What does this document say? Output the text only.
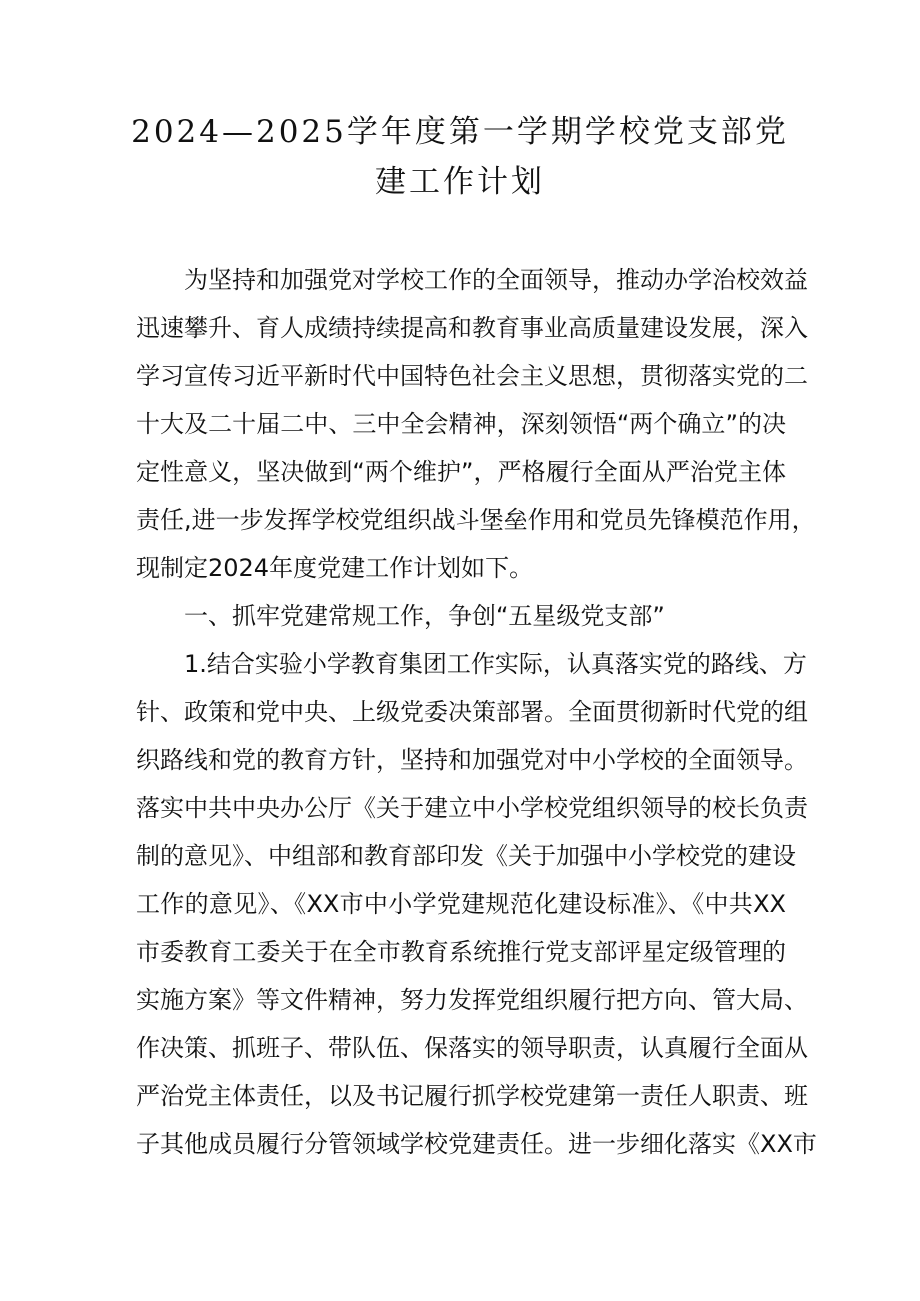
2024—2025学年度第一学期学校党支部党
建工作计划
为坚持和加强党对学校工作的全面领导，推动办学治校效益
迅速攀升、育人成绩持续提高和教育事业高质量建设发展，深入
学习宣传习近平新时代中国特色社会主义思想，贯彻落实党的二
十大及二十届二中、三中全会精神，深刻领悟“两个确立”的决
定性意义，坚决做到“两个维护”，严格履行全面从严治党主体
责任,进一步发挥学校党组织战斗堡垒作用和党员先锋模范作用，
现制定2024年度党建工作计划如下。
一、抓牢党建常规工作，争创“五星级党支部”
1.结合实验小学教育集团工作实际，认真落实党的路线、方
针、政策和党中央、上级党委决策部署。全面贯彻新时代党的组
织路线和党的教育方针，坚持和加强党对中小学校的全面领导。
落实中共中央办公厅《关于建立中小学校党组织领导的校长负责
制的意见》、中组部和教育部印发《关于加强中小学校党的建设
工作的意见》、《XX市中小学党建规范化建设标准》、《中共XX
市委教育工委关于在全市教育系统推行党支部评星定级管理的
实施方案》等文件精神，努力发挥党组织履行把方向、管大局、
作决策、抓班子、带队伍、保落实的领导职责，认真履行全面从
严治党主体责任，以及书记履行抓学校党建第一责任人职责、班
子其他成员履行分管领域学校党建责任。进一步细化落实《XX市
